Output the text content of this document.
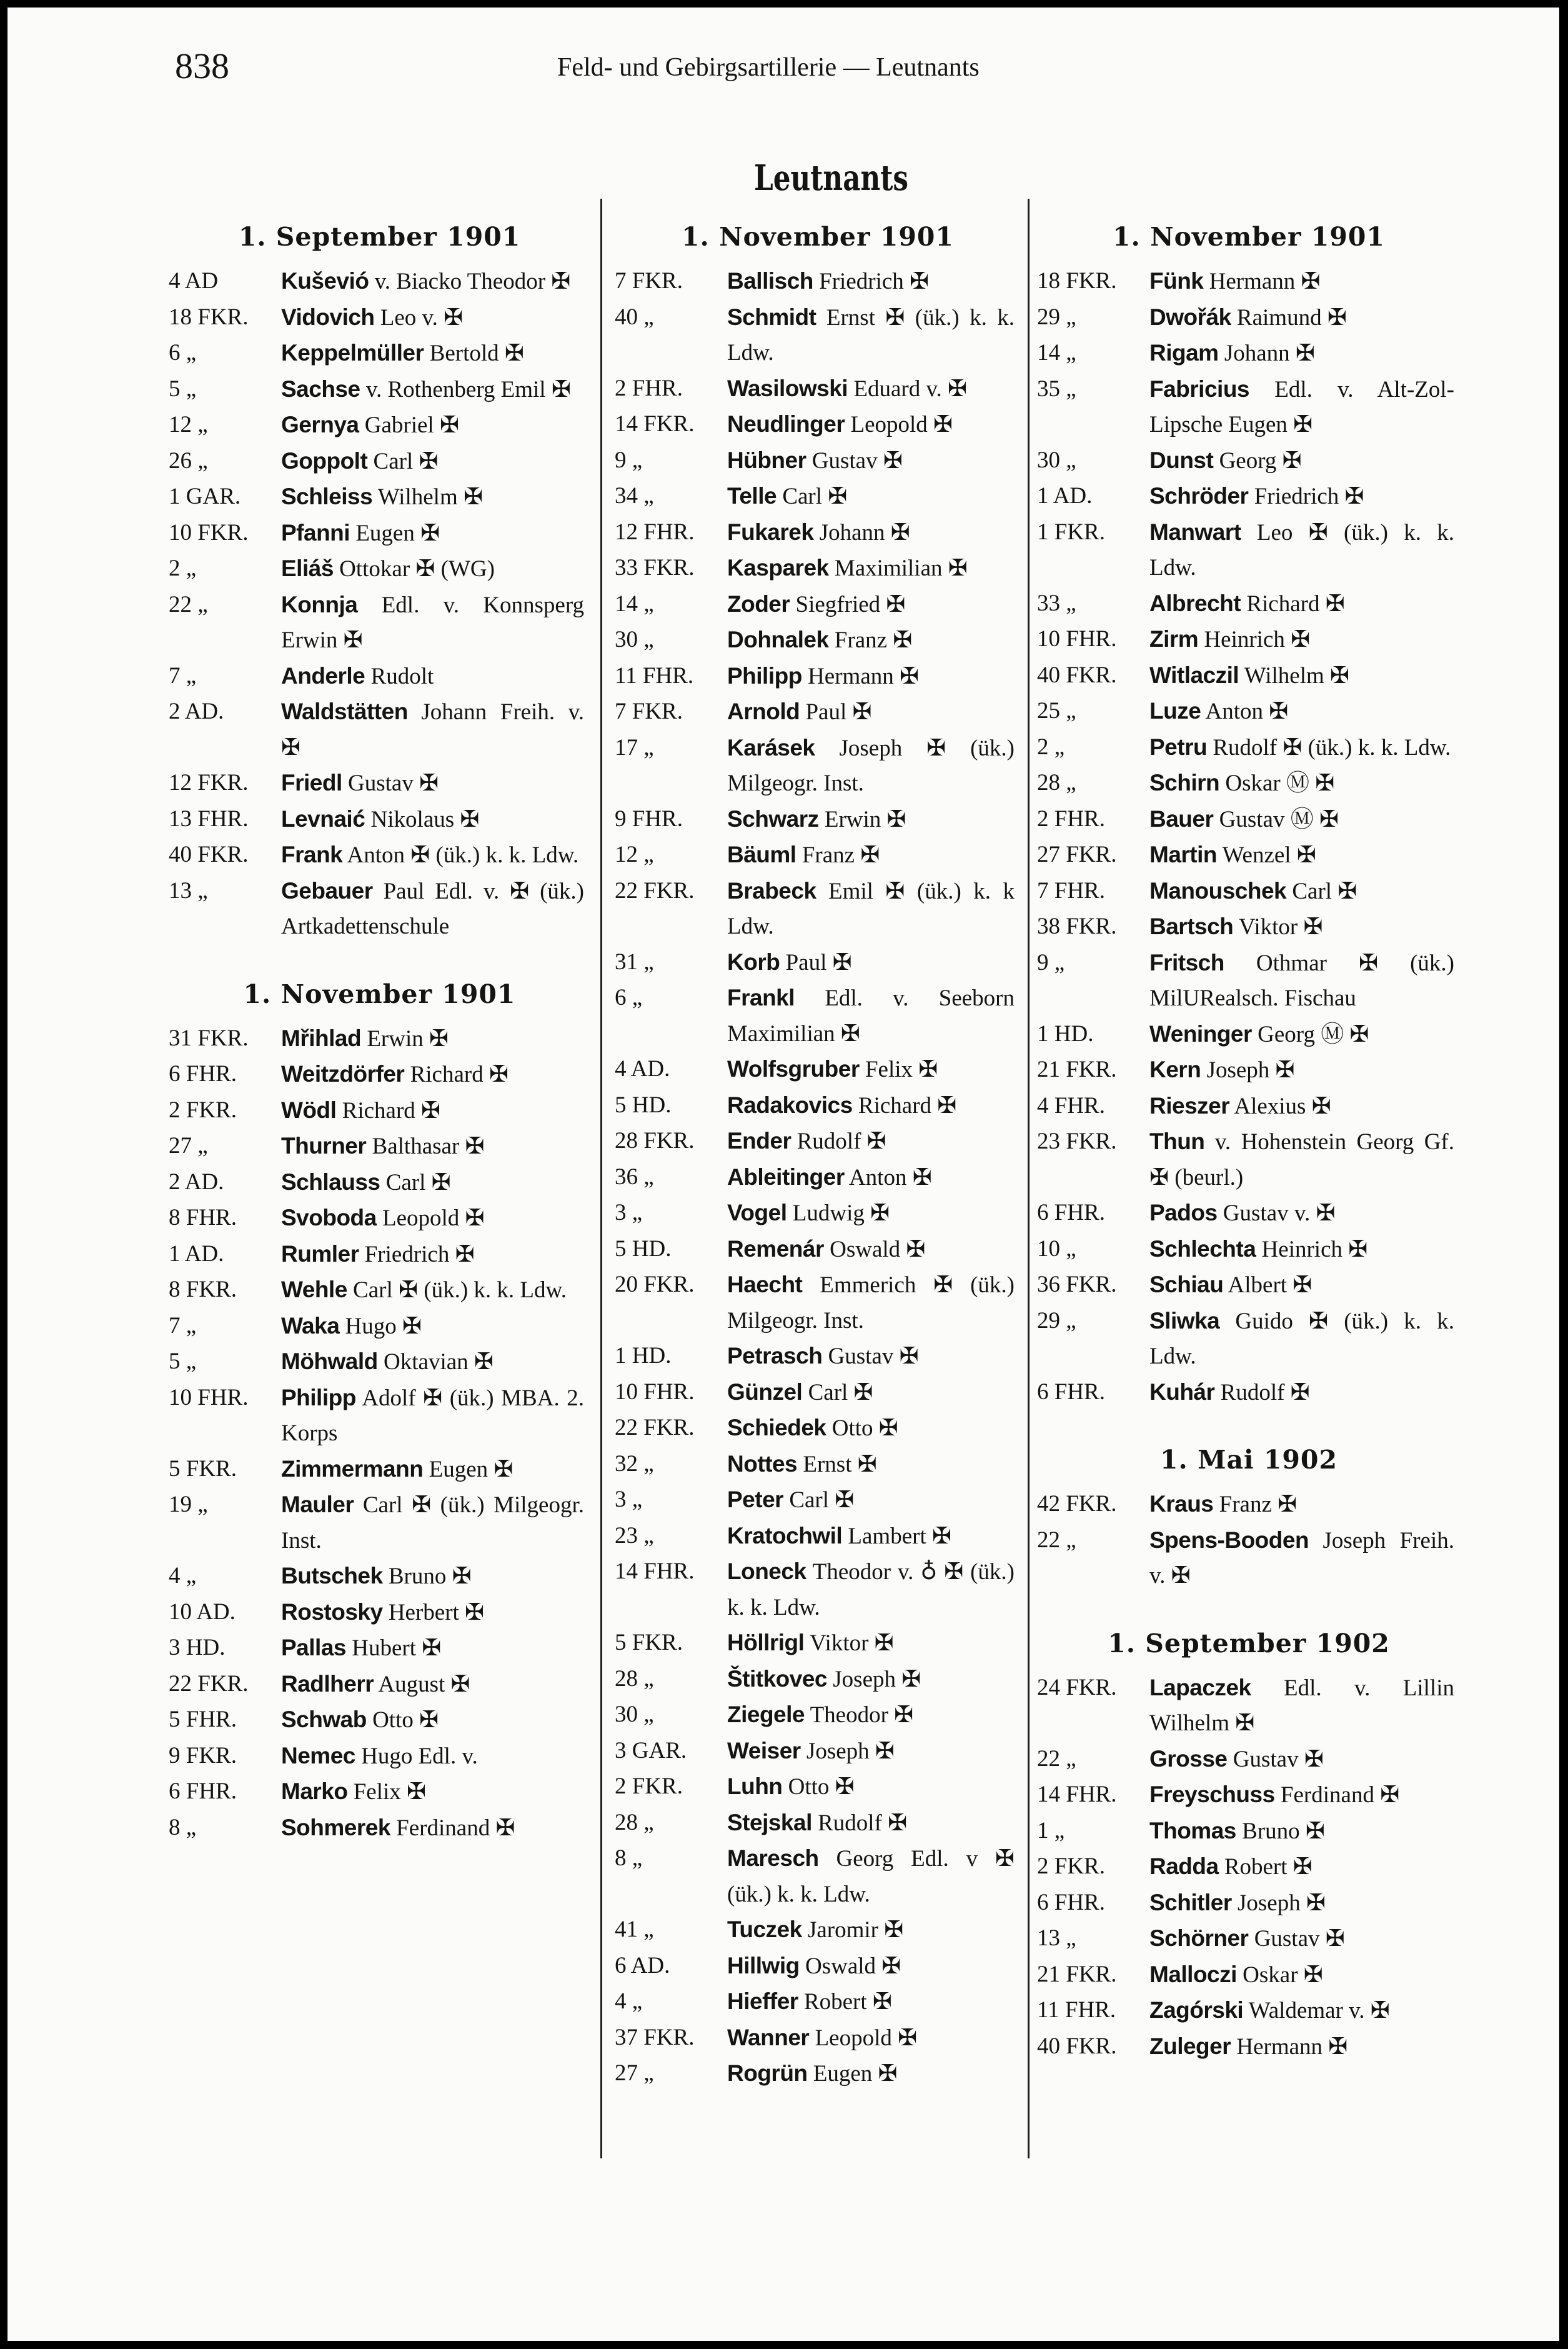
838	Feld- und Gebirgsartillerie — Leutnants
Leutnants
1. September 1901
4 AD	Kuševió v. Biacko Theodor ✠
18 FKR.	Vidovich Leo v. ✠
6 „	Keppelmüller Bertold ✠
5 „	Sachse v. Rothenberg Emil ✠
12 „	Gernya Gabriel ✠
26 „	Goppolt Carl ✠
1 GAR.	Schleiss Wilhelm ✠
10 FKR.	Pfanni Eugen ✠
2 „	Eliáš Ottokar ✠ (WG)
22 „	Konnja Edl. v. Konnsperg Erwin ✠
7 „	Anderle Rudolt
2 AD.	Waldstätten Johann Freih. v. ✠
12 FKR.	Friedl Gustav ✠
13 FHR.	Levnaić Nikolaus ✠
40 FKR.	Frank Anton ✠ (ük.) k. k. Ldw.
13 „	Gebauer Paul Edl. v. ✠ (ük.) Artkadettenschule
1. November 1901
31 FKR.	Mřihlad Erwin ✠
6 FHR.	Weitzdörfer Richard ✠
2 FKR.	Wödl Richard ✠
27 „	Thurner Balthasar ✠
2 AD.	Schlauss Carl ✠
8 FHR.	Svoboda Leopold ✠
1 AD.	Rumler Friedrich ✠
8 FKR.	Wehle Carl ✠ (ük.) k. k. Ldw.
7 „	Waka Hugo ✠
5 „	Möhwald Oktavian ✠
10 FHR.	Philipp Adolf ✠ (ük.) MBA. 2. Korps
5 FKR.	Zimmermann Eugen ✠
19 „	Mauler Carl ✠ (ük.) Milgeogr. Inst.
4 „	Butschek Bruno ✠
10 AD.	Rostosky Herbert ✠
3 HD.	Pallas Hubert ✠
22 FKR.	Radlherr August ✠
5 FHR.	Schwab Otto ✠
9 FKR.	Nemec Hugo Edl. v.
6 FHR.	Marko Felix ✠
8 „	Sohmerek Ferdinand ✠
1. November 1901
7 FKR.	Ballisch Friedrich ✠
40 „	Schmidt Ernst ✠ (ük.) k. k. Ldw.
2 FHR.	Wasilowski Eduard v. ✠
14 FKR.	Neudlinger Leopold ✠
9 „	Hübner Gustav ✠
34 „	Telle Carl ✠
12 FHR.	Fukarek Johann ✠
33 FKR.	Kasparek Maximilian ✠
14 „	Zoder Siegfried ✠
30 „	Dohnalek Franz ✠
11 FHR.	Philipp Hermann ✠
7 FKR.	Arnold Paul ✠
17 „	Karásek Joseph ✠ (ük.) Milgeogr. Inst.
9 FHR.	Schwarz Erwin ✠
12 „	Bäuml Franz ✠
22 FKR.	Brabeck Emil ✠ (ük.) k. k Ldw.
31 „	Korb Paul ✠
6 „	Frankl Edl. v. Seeborn Maximilian ✠
4 AD.	Wolfsgruber Felix ✠
5 HD.	Radakovics Richard ✠
28 FKR.	Ender Rudolf ✠
36 „	Ableitinger Anton ✠
3 „	Vogel Ludwig ✠
5 HD.	Remenár Oswald ✠
20 FKR.	Haecht Emmerich ✠ (ük.) Milgeogr. Inst.
1 HD.	Petrasch Gustav ✠
10 FHR.	Günzel Carl ✠
22 FKR.	Schiedek Otto ✠
32 „	Nottes Ernst ✠
3 „	Peter Carl ✠
23 „	Kratochwil Lambert ✠
14 FHR.	Loneck Theodor v. ♁ ✠ (ük.) k. k. Ldw.
5 FKR.	Höllrigl Viktor ✠
28 „	Štitkovec Joseph ✠
30 „	Ziegele Theodor ✠
3 GAR.	Weiser Joseph ✠
2 FKR.	Luhn Otto ✠
28 „	Stejskal Rudolf ✠
8 „	Maresch Georg Edl. v ✠ (ük.) k. k. Ldw.
41 „	Tuczek Jaromir ✠
6 AD.	Hillwig Oswald ✠
4 „	Hieffer Robert ✠
37 FKR.	Wanner Leopold ✠
27 „	Rogrün Eugen ✠
1. November 1901
18 FKR.	Fünk Hermann ✠
29 „	Dwořák Raimund ✠
14 „	Rigam Johann ✠
35 „	Fabricius Edl. v. Alt-Zol-Lipsche Eugen ✠
30 „	Dunst Georg ✠
1 AD.	Schröder Friedrich ✠
1 FKR.	Manwart Leo ✠ (ük.) k. k. Ldw.
33 „	Albrecht Richard ✠
10 FHR.	Zirm Heinrich ✠
40 FKR.	Witlaczil Wilhelm ✠
25 „	Luze Anton ✠
2 „	Petru Rudolf ✠ (ük.) k. k. Ldw.
28 „	Schirn Oskar Ⓜ ✠
2 FHR.	Bauer Gustav Ⓜ ✠
27 FKR.	Martin Wenzel ✠
7 FHR.	Manouschek Carl ✠
38 FKR.	Bartsch Viktor ✠
9 „	Fritsch Othmar ✠ (ük.) MilURealsch. Fischau
1 HD.	Weninger Georg Ⓜ ✠
21 FKR.	Kern Joseph ✠
4 FHR.	Rieszer Alexius ✠
23 FKR.	Thun v. Hohenstein Georg Gf. ✠ (beurl.)
6 FHR.	Pados Gustav v. ✠
10 „	Schlechta Heinrich ✠
36 FKR.	Schiau Albert ✠
29 „	Sliwka Guido ✠ (ük.) k. k. Ldw.
6 FHR.	Kuhár Rudolf ✠
1. Mai 1902
42 FKR.	Kraus Franz ✠
22 „	Spens-Booden Joseph Freih. v. ✠
1. September 1902
24 FKR.	Lapaczek Edl. v. Lillin Wilhelm ✠
22 „	Grosse Gustav ✠
14 FHR.	Freyschuss Ferdinand ✠
1 „	Thomas Bruno ✠
2 FKR.	Radda Robert ✠
6 FHR.	Schitler Joseph ✠
13 „	Schörner Gustav ✠
21 FKR.	Malloczi Oskar ✠
11 FHR.	Zagórski Waldemar v. ✠
40 FKR.	Zuleger Hermann ✠
